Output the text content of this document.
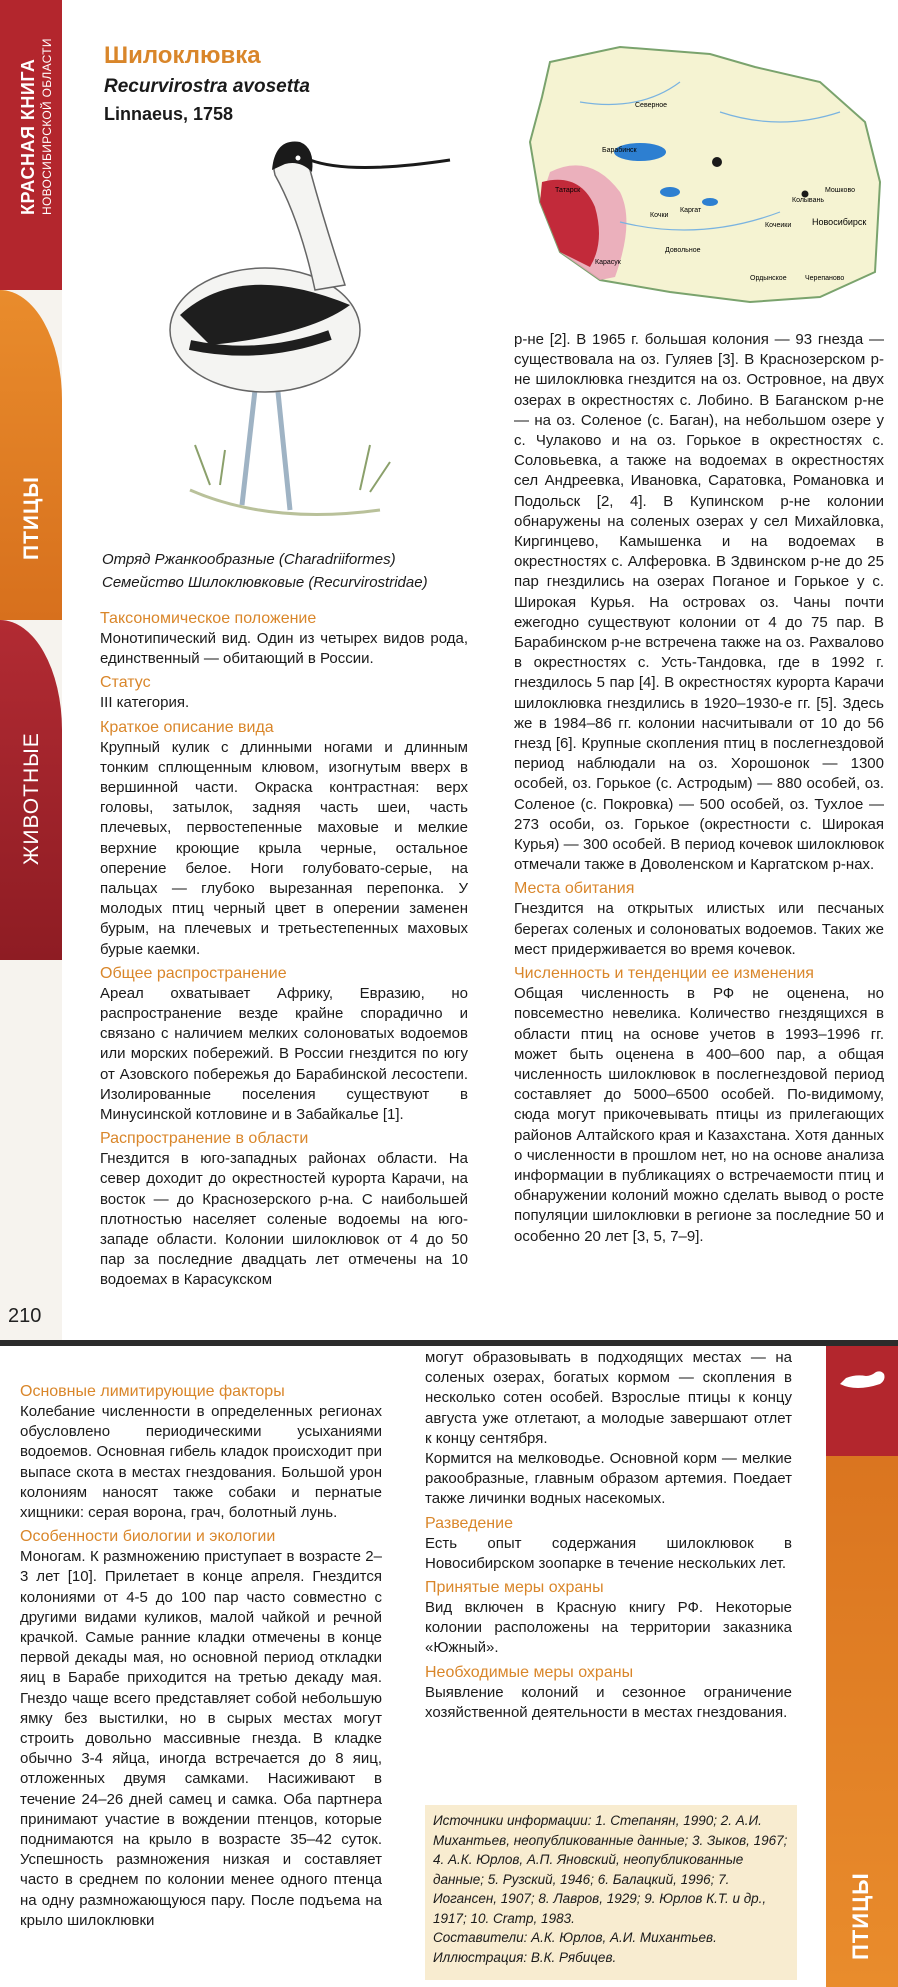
КРАСНАЯ КНИГА НОВОСИБИРСКОЙ ОБЛАСТИ
ПТИЦЫ
ЖИВОТНЫЕ
210
Шилоклювка
Recurvirostra avosetta
Linnaeus, 1758	Северное
Барабинск
Татарск
Карасук
Каргат
Кочки
Довольное
Кочеики
Колывань
Мошково
Новосибирск
Черепаново
Ордынское
Отряд Ржанкообразные (Charadriiformes)
Семейство Шилоклювковые (Recurvirostridae)
Таксономическое положение

Монотипический вид. Один из четырех видов рода, единственный — обитающий в России.

Статус

III категория.

Краткое описание вида

Крупный кулик с длинными ногами и длинным тонким сплющенным клювом, изогнутым вверх в вершинной части. Окраска контрастная: верх головы, затылок, задняя часть шеи, часть плечевых, первостепенные маховые и мелкие верхние кроющие крыла черные, остальное оперение белое. Ноги голубовато-серые, на пальцах — глубоко вырезанная перепонка. У молодых птиц черный цвет в оперении заменен бурым, на плечевых и третьестепенных маховых бурые каемки.

Общее распространение

Ареал охватывает Африку, Евразию, но распространение везде крайне спорадично и связано с наличием мелких солоноватых водоемов или морских побережий. В России гнездится по югу от Азовского побережья до Барабинской лесостепи. Изолированные поселения существуют в Минусинской котловине и в Забайкалье [1].

Распространение в области

Гнездится в юго-западных районах области. На север доходит до окрестностей курорта Карачи, на восток — до Краснозерского р-на. С наибольшей плотностью населяет соленые водоемы на юго-западе области. Колонии шилоклювок от 4 до 50 пар за последние двадцать лет отмечены на 10 водоемах в Карасукском

р-не [2]. В 1965 г. большая колония — 93 гнезда — существовала на оз. Гуляев [3]. В Краснозерском р-не шилоклювка гнездится на оз. Островное, на двух озерах в окрестностях с. Лобино. В Баганском р-не — на оз. Соленое (с. Баган), на небольшом озере у с. Чулаково и на оз. Горькое в окрестностях с. Соловьевка, а также на водоемах в окрестностях сел Андреевка, Ивановка, Саратовка, Романовка и Подольск [2, 4]. В Купинском р-не колонии обнаружены на соленых озерах у сел Михайловка, Киргинцево, Камышенка и на водоемах в окрестностях с. Алферовка. В Здвинском р-не до 25 пар гнездились на озерах Поганое и Горькое у с. Широкая Курья. На островах оз. Чаны почти ежегодно существуют колонии от 4 до 75 пар. В Барабинском р-не встречена также на оз. Рахвалово в окрестностях с. Усть-Тандовка, где в 1992 г. гнездилось 5 пар [4]. В окрестностях курорта Карачи шилоклювка гнездились в 1920–1930-е гг. [5]. Здесь же в 1984–86 гг. колонии насчитывали от 10 до 56 гнезд [6]. Крупные скопления птиц в послегнездовой период наблюдали на оз. Хорошонок — 1300 особей, оз. Горькое (с. Астродым) — 880 особей, оз. Соленое (с. Покровка) — 500 особей, оз. Тухлое — 273 особи, оз. Горькое (окрестности с. Широкая Курья) — 300 особей. В период кочевок шилоклювок отмечали также в Доволенском и Каргатском р-нах.

Места обитания

Гнездится на открытых илистых или песчаных берегах соленых и солоноватых водоемов. Таких же мест придерживается во время кочевок.

Численность и тенденции ее изменения

Общая численность в РФ не оценена, но повсеместно невелика. Количество гнездящихся в области птиц на основе учетов в 1993–1996 гг. может быть оценена в 400–600 пар, а общая численность шилоклювок в послегнездовой период составляет до 5000–6500 особей. По-видимому, сюда могут прикочевывать птицы из прилегающих районов Алтайского края и Казахстана. Хотя данных о численности в прошлом нет, но на основе анализа информации в публикациях о встречаемости птиц и обнаружении колоний можно сделать вывод о росте популяции шилоклювки в регионе за последние 50 и особенно 20 лет [3, 5, 7–9].

ПТИЦЫ
Основные лимитирующие факторы

Колебание численности в определенных регионах обусловлено периодическими усыханиями водоемов. Основная гибель кладок происходит при выпасе скота в местах гнездования. Большой урон колониям наносят также собаки и пернатые хищники: серая ворона, грач, болотный лунь.

Особенности биологии и экологии

Моногам. К размножению приступает в возрасте 2–3 лет [10]. Прилетает в конце апреля. Гнездится колониями от 4-5 до 100 пар часто совместно с другими видами куликов, малой чайкой и речной крачкой. Самые ранние кладки отмечены в конце первой декады мая, но основной период откладки яиц в Барабе приходится на третью декаду мая. Гнездо чаще всего представляет собой небольшую ямку без выстилки, но в сырых местах могут строить довольно массивные гнезда. В кладке обычно 3-4 яйца, иногда встречается до 8 яиц, отложенных двумя самками. Насиживают в течение 24–26 дней самец и самка. Оба партнера принимают участие в вождении птенцов, которые поднимаются на крыло в возрасте 35–42 суток. Успешность размножения низкая и составляет часто в среднем по колонии менее одного птенца на одну размножающуюся пару. После подъема на крыло шилоклювки

могут образовывать в подходящих местах — на соленых озерах, богатых кормом — скопления в несколько сотен особей. Взрослые птицы к концу августа уже отлетают, а молодые завершают отлет к концу сентября.

Кормится на мелководье. Основной корм — мелкие ракообразные, главным образом артемия. Поедает также личинки водных насекомых.

Разведение

Есть опыт содержания шилоклювок в Новосибирском зоопарке в течение нескольких лет.

Принятые меры охраны

Вид включен в Красную книгу РФ. Некоторые колонии расположены на территории заказника «Южный».

Необходимые меры охраны

Выявление колоний и сезонное ограничение хозяйственной деятельности в местах гнездования.

Источники информации: 1. Степанян, 1990; 2. А.И. Михантьев, неопубликованные данные; 3. Зыков, 1967; 4. А.К. Юрлов, А.П. Яновский, неопубликованные данные; 5. Рузский, 1946; 6. Балацкий, 1996; 7. Иогансен, 1907; 8. Лавров, 1929; 9. Юрлов К.Т. и др., 1917; 10. Cramp, 1983.

Составители: А.К. Юрлов, А.И. Михантьев.

Иллюстрация: В.К. Рябицев.
